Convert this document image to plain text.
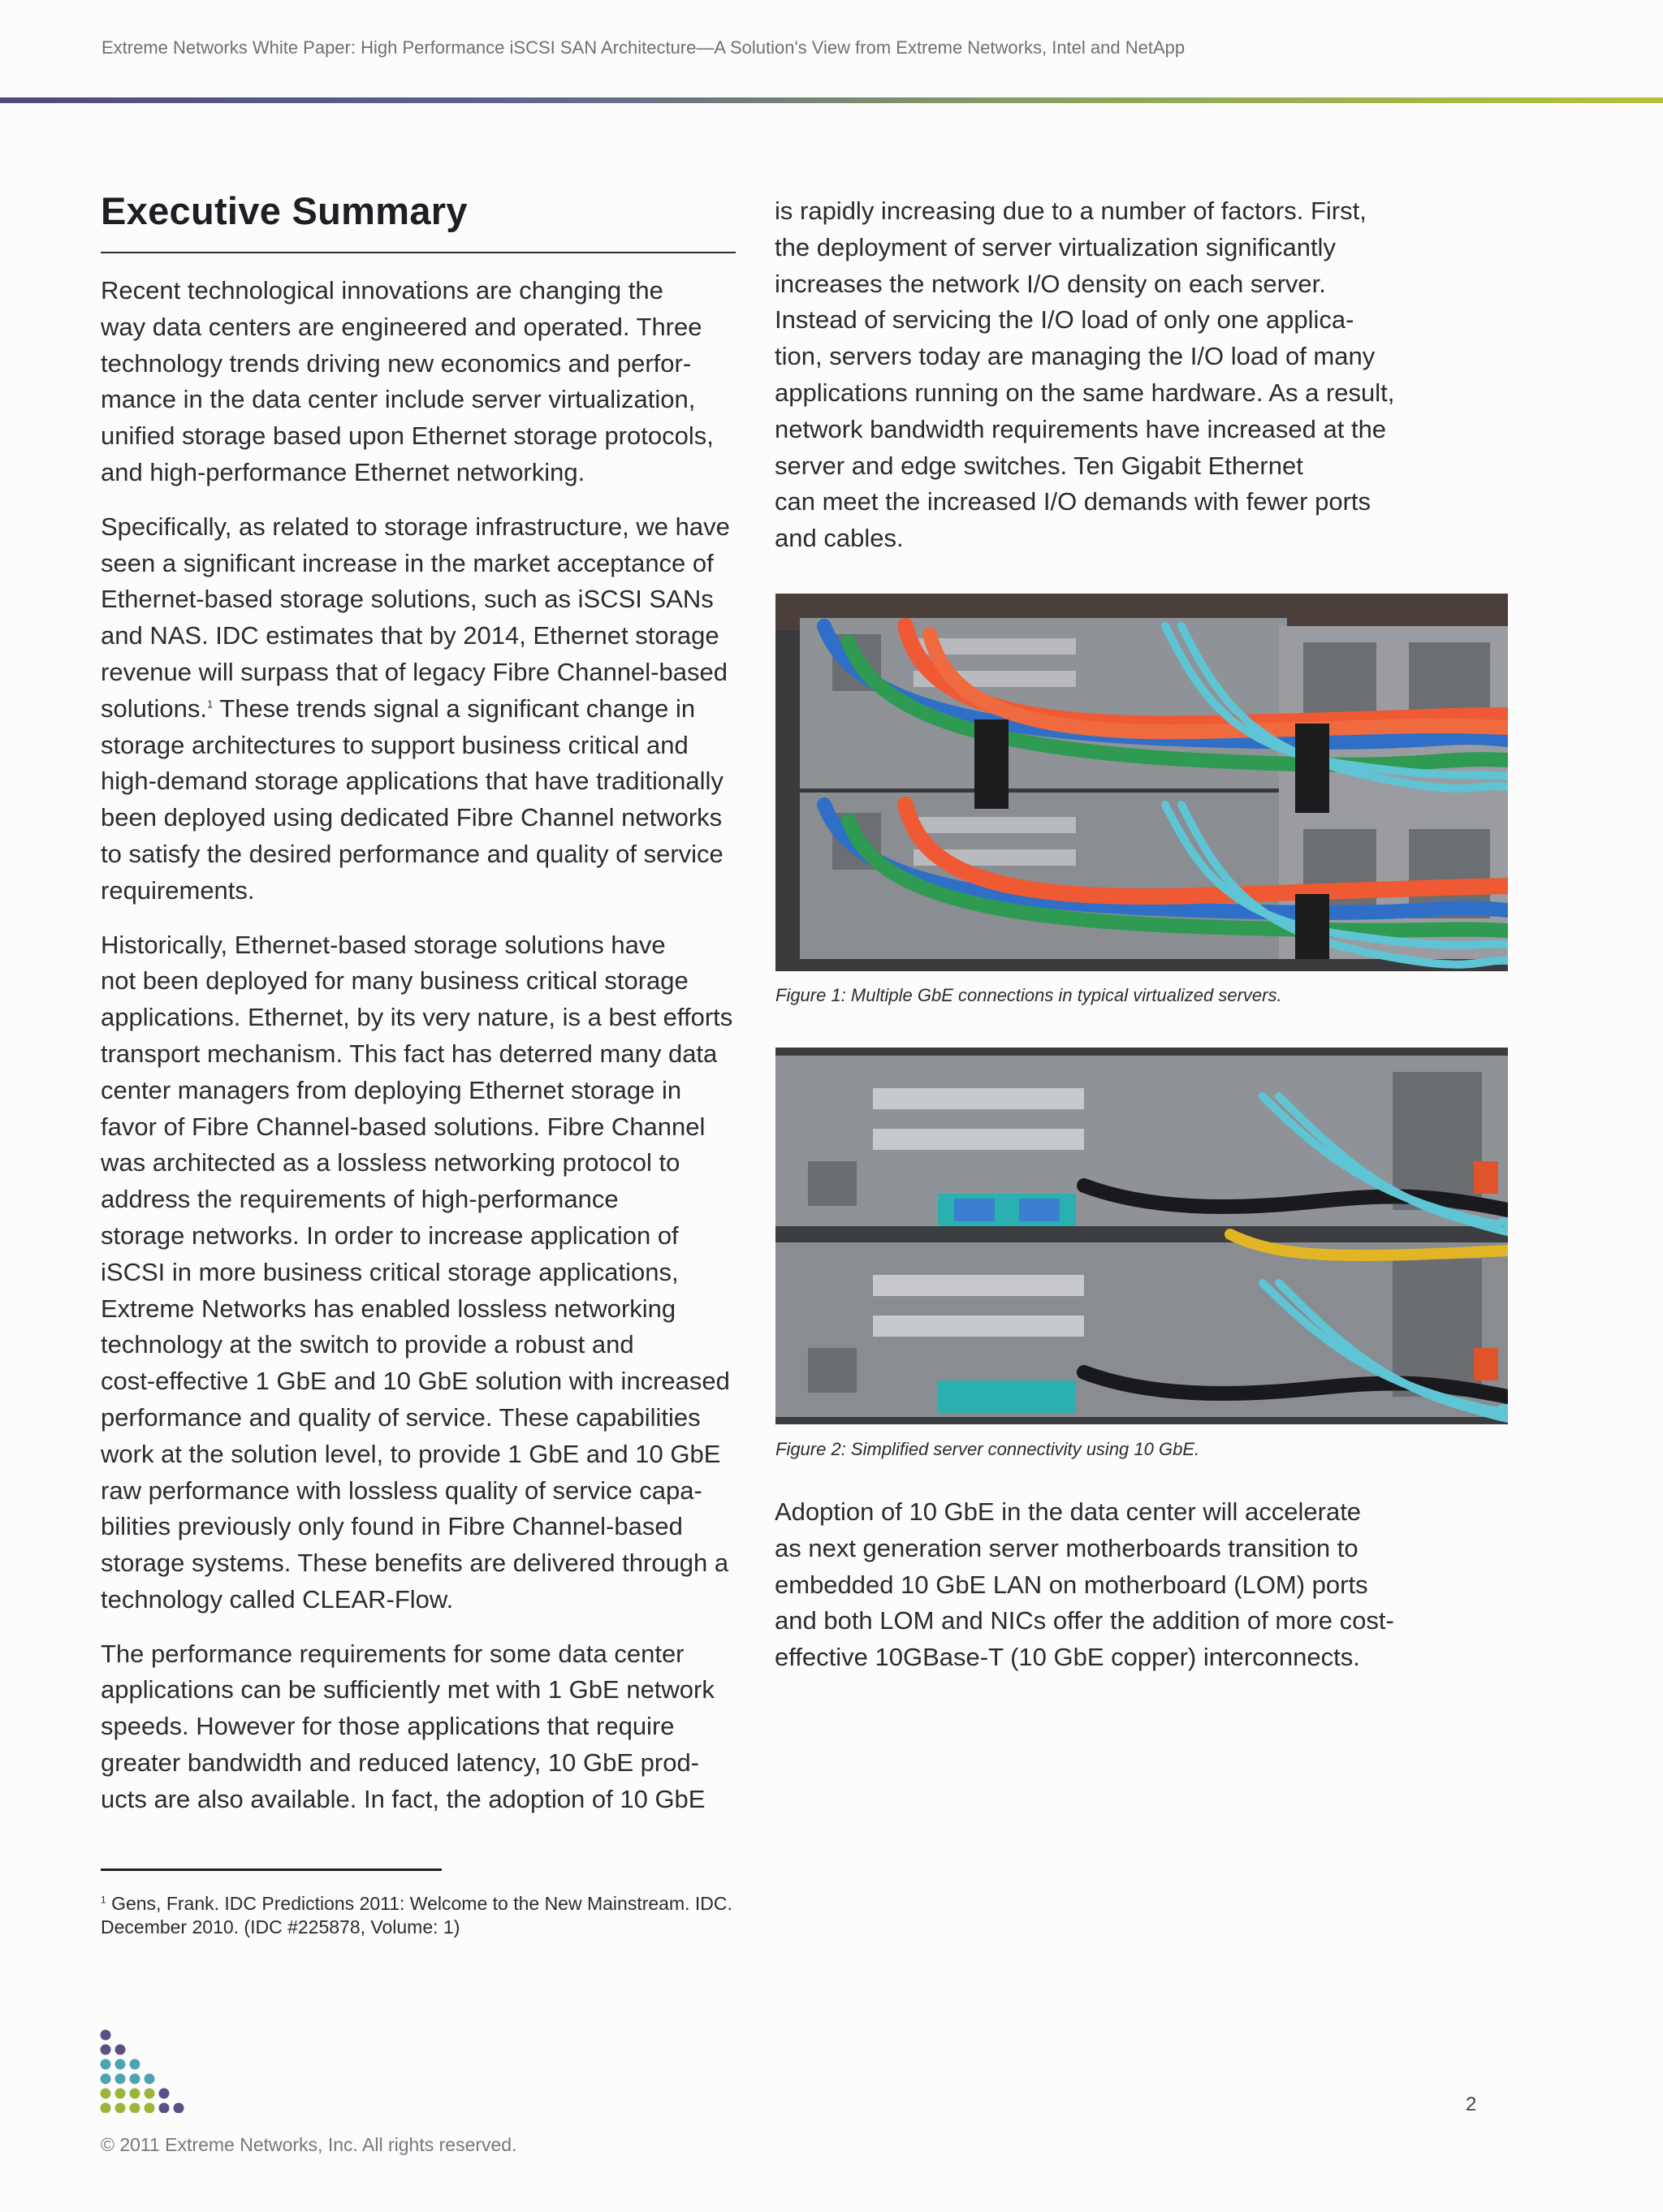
Extreme Networks White Paper: High Performance iSCSI SAN Architecture—A Solution's View from Extreme Networks, Intel and NetApp
Executive Summary
Recent technological innovations are changing the
way data centers are engineered and operated. Three
technology trends driving new economics and perfor-
mance in the data center include server virtualization,
unified storage based upon Ethernet storage protocols,
and high-performance Ethernet networking.
Specifically, as related to storage infrastructure, we have
seen a significant increase in the market acceptance of
Ethernet-based storage solutions, such as iSCSI SANs
and NAS. IDC estimates that by 2014, Ethernet storage
revenue will surpass that of legacy Fibre Channel-based
solutions.$^1$ These trends signal a significant change in
storage architectures to support business critical and
high-demand storage applications that have traditionally
been deployed using dedicated Fibre Channel networks
to satisfy the desired performance and quality of service
requirements.
Historically, Ethernet-based storage solutions have
not been deployed for many business critical storage
applications. Ethernet, by its very nature, is a best efforts
transport mechanism. This fact has deterred many data
center managers from deploying Ethernet storage in
favor of Fibre Channel-based solutions. Fibre Channel
was architected as a lossless networking protocol to
address the requirements of high-performance
storage networks. In order to increase application of
iSCSI in more business critical storage applications,
Extreme Networks has enabled lossless networking
technology at the switch to provide a robust and
cost-effective 1 GbE and 10 GbE solution with increased
performance and quality of service. These capabilities
work at the solution level, to provide 1 GbE and 10 GbE
raw performance with lossless quality of service capa-
bilities previously only found in Fibre Channel-based
storage systems. These benefits are delivered through a
technology called CLEAR-Flow.
The performance requirements for some data center
applications can be sufficiently met with 1 GbE network
speeds. However for those applications that require
greater bandwidth and reduced latency, 10 GbE prod-
ucts are also available. In fact, the adoption of 10 GbE
is rapidly increasing due to a number of factors. First,
the deployment of server virtualization significantly
increases the network I/O density on each server.
Instead of servicing the I/O load of only one applica-
tion, servers today are managing the I/O load of many
applications running on the same hardware. As a result,
network bandwidth requirements have increased at the
server and edge switches. Ten Gigabit Ethernet
can meet the increased I/O demands with fewer ports
and cables.
Figure 1: Multiple GbE connections in typical virtualized servers.
Figure 2: Simplified server connectivity using 10 GbE.
Adoption of 10 GbE in the data center will accelerate
as next generation server motherboards transition to
embedded 10 GbE LAN on motherboard (LOM) ports
and both LOM and NICs offer the addition of more cost-
effective 10GBase-T (10 GbE copper) interconnects.
$^1$ Gens, Frank. IDC Predictions 2011: Welcome to the New Mainstream. IDC.
December 2010. (IDC #225878, Volume: 1)
2
© 2011 Extreme Networks, Inc. All rights reserved.
